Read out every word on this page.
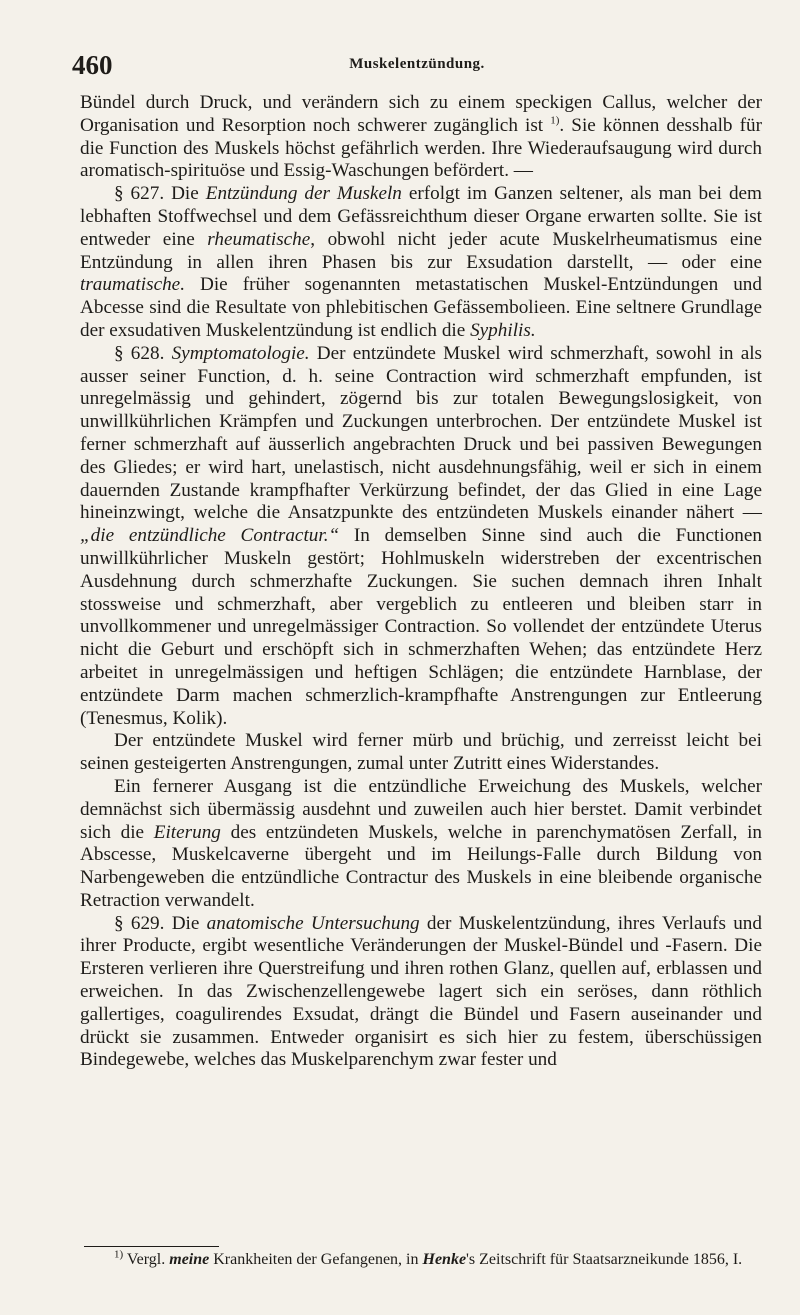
460	Muskelentzündung.

Bündel durch Druck, und verändern sich zu einem speckigen Callus, welcher der Organisation und Resorption noch schwerer zugänglich ist $^{1)}$. Sie können desshalb für die Function des Muskels höchst gefährlich werden. Ihre Wiederaufsaugung wird durch aromatisch-spirituöse und Essig-Waschungen befördert. —

§ 627. Die Entzündung der Muskeln erfolgt im Ganzen seltener, als man bei dem lebhaften Stoffwechsel und dem Gefässreichthum dieser Organe erwarten sollte. Sie ist entweder eine rheumatische, obwohl nicht jeder acute Muskelrheumatismus eine Entzündung in allen ihren Phasen bis zur Exsudation darstellt, — oder eine traumatische. Die früher sogenannten metastatischen Muskel-Entzündungen und Abcesse sind die Resultate von phlebitischen Gefässembolieen. Eine seltnere Grundlage der exsudativen Muskelentzündung ist endlich die Syphilis.

§ 628. Symptomatologie. Der entzündete Muskel wird schmerzhaft, sowohl in als ausser seiner Function, d. h. seine Contraction wird schmerzhaft empfunden, ist unregelmässig und gehindert, zögernd bis zur totalen Bewegungslosigkeit, von unwillkührlichen Krämpfen und Zuckungen unterbrochen. Der entzündete Muskel ist ferner schmerzhaft auf äusserlich angebrachten Druck und bei passiven Bewegungen des Gliedes; er wird hart, unelastisch, nicht ausdehnungsfähig, weil er sich in einem dauernden Zustande krampfhafter Verkürzung befindet, der das Glied in eine Lage hineinzwingt, welche die Ansatzpunkte des entzündeten Muskels einander nähert — „die entzündliche Contractur.“ In demselben Sinne sind auch die Functionen unwillkührlicher Muskeln gestört; Hohlmuskeln widerstreben der excentrischen Ausdehnung durch schmerzhafte Zuckungen. Sie suchen demnach ihren Inhalt stossweise und schmerzhaft, aber vergeblich zu entleeren und bleiben starr in unvollkommener und unregelmässiger Contraction. So vollendet der entzündete Uterus nicht die Geburt und erschöpft sich in schmerzhaften Wehen; das entzündete Herz arbeitet in unregelmässigen und heftigen Schlägen; die entzündete Harnblase, der entzündete Darm machen schmerzlich-krampfhafte Anstrengungen zur Entleerung (Tenesmus, Kolik).

Der entzündete Muskel wird ferner mürb und brüchig, und zerreisst leicht bei seinen gesteigerten Anstrengungen, zumal unter Zutritt eines Widerstandes.

Ein fernerer Ausgang ist die entzündliche Erweichung des Muskels, welcher demnächst sich übermässig ausdehnt und zuweilen auch hier berstet. Damit verbindet sich die Eiterung des entzündeten Muskels, welche in parenchymatösen Zerfall, in Abscesse, Muskelcaverne übergeht und im Heilungs-Falle durch Bildung von Narbengeweben die entzündliche Contractur des Muskels in eine bleibende organische Retraction verwandelt.

§ 629. Die anatomische Untersuchung der Muskelentzündung, ihres Verlaufs und ihrer Producte, ergibt wesentliche Veränderungen der Muskel-Bündel und -Fasern. Die Ersteren verlieren ihre Querstreifung und ihren rothen Glanz, quellen auf, erblassen und erweichen. In das Zwischenzellengewebe lagert sich ein seröses, dann röthlich gallertiges, coagulirendes Exsudat, drängt die Bündel und Fasern auseinander und drückt sie zusammen. Entweder organisirt es sich hier zu festem, überschüssigen Bindegewebe, welches das Muskelparenchym zwar fester und

$^{1)}$ Vergl. meine Krankheiten der Gefangenen, in Henke's Zeitschrift für Staatsarzneikunde 1856, I.
